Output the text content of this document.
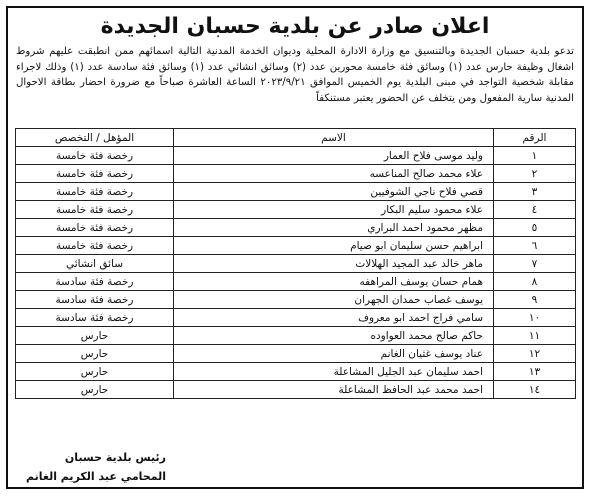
اعلان صادر عن بلدية حسبان الجديدة
تدعو بلدية حسبان الجديدة وبالتنسيق مع وزارة الادارة المحلية وديوان الخدمة المدنية التالية اسمائهم ممن انطبقت عليهم شروط اشغال وظيفة حارس عدد (١) وسائق فئة خامسة محورين عدد (٢) وسائق انشائي عدد (١) وسائق فئة سادسة عدد (١) وذلك لاجراء مقابلة شخصية التواجد في مبنى البلدية يوم الخميس الموافق ٢٠٢٣/٩/٢١ الساعة العاشرة صباحاً مع ضرورة احضار بطاقة الاحوال المدنية سارية المفعول ومن يتخلف عن الحضور يعتبر مستنكفاً
الرقم	الاسم	المؤهل / التخصص
١	وليد موسى فلاح العمار	رخصة فئة خامسة
٢	علاء محمد صالح المناعسه	رخصة فئة خامسة
٣	قصي فلاح ناجي الشوفيين	رخصة فئة خامسة
٤	علاء محمود سليم البكار	رخصة فئة خامسة
٥	مظهر محمود احمد البراري	رخصة فئة خامسة
٦	ابراهيم حسن سليمان ابو صيام	رخصة فئة خامسة
٧	ماهر خالد عبد المجيد الهلالات	سائق انشائي
٨	همام حسان يوسف المراهفه	رخصة فئة سادسة
٩	يوسف غصاب حمدان الجهران	رخصة فئة سادسة
١٠	سامي فراج احمد ابو معروف	رخصة فئة سادسة
١١	حاكم صالح محمد العواوده	حارس
١٢	عناد يوسف غثيان الغانم	حارس
١٣	احمد سليمان عبد الجليل المشاعلة	حارس
١٤	احمد محمد عبد الحافظ المشاعلة	حارس
رئيس بلدية حسبان
المحامي عبد الكريم الغانم
